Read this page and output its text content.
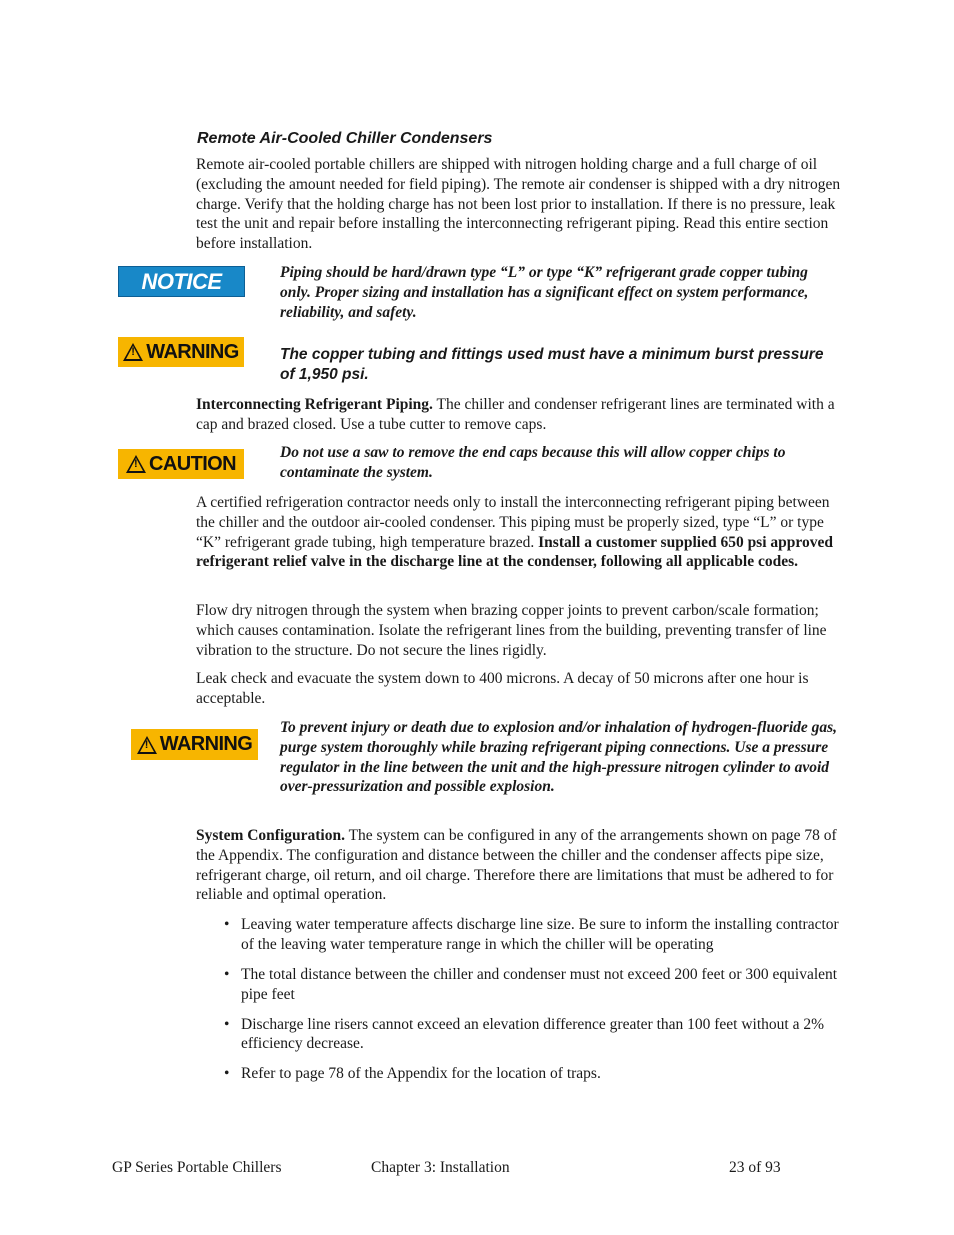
Remote Air-Cooled Chiller Condensers

Remote air-cooled portable chillers are shipped with nitrogen holding charge and a full charge of oil (excluding the amount needed for field piping). The remote air condenser is shipped with a dry nitrogen charge. Verify that the holding charge has not been lost prior to installation. If there is no pressure, leak test the unit and repair before installing the interconnecting refrigerant piping. Read this entire section before installation.

NOTICE	Piping should be hard/drawn type “L” or type “K” refrigerant grade copper tubing only. Proper sizing and installation has a significant effect on system performance, reliability, and safety.

!
WARNING	The copper tubing and fittings used must have a minimum burst pressure of 1,950 psi.

Interconnecting Refrigerant Piping. The chiller and condenser refrigerant lines are terminated with a cap and brazed closed. Use a tube cutter to remove caps.

!
CAUTION	Do not use a saw to remove the end caps because this will allow copper chips to contaminate the system.

A certified refrigeration contractor needs only to install the interconnecting refrigerant piping between the chiller and the outdoor air-cooled condenser. This piping must be properly sized, type “L” or type “K” refrigerant grade tubing, high temperature brazed. Install a customer supplied 650 psi approved refrigerant relief valve in the discharge line at the condenser, following all applicable codes.

Flow dry nitrogen through the system when brazing copper joints to prevent carbon/scale formation; which causes contamination. Isolate the refrigerant lines from the building, preventing transfer of line vibration to the structure. Do not secure the lines rigidly.

Leak check and evacuate the system down to 400 microns. A decay of 50 microns after one hour is acceptable.

!
WARNING

To prevent injury or death due to explosion and/or inhalation of hydrogen-fluoride gas, purge system thoroughly while brazing refrigerant piping connections. Use a pressure regulator in the line between the unit and the high-pressure nitrogen cylinder to avoid over-pressurization and possible explosion.

System Configuration. The system can be configured in any of the arrangements shown on page 78 of the Appendix. The configuration and distance between the chiller and the condenser affects pipe size, refrigerant charge, oil return, and oil charge. Therefore there are limitations that must be adhered to for reliable and optimal operation.

• Leaving water temperature affects discharge line size. Be sure to inform the installing contractor of the leaving water temperature range in which the chiller will be operating
• The total distance between the chiller and condenser must not exceed 200 feet or 300 equivalent pipe feet
• Discharge line risers cannot exceed an elevation difference greater than 100 feet without a 2% efficiency decrease.
• Refer to page 78 of the Appendix for the location of traps.
GP Series Portable Chillers	Chapter 3: Installation	23 of 93
